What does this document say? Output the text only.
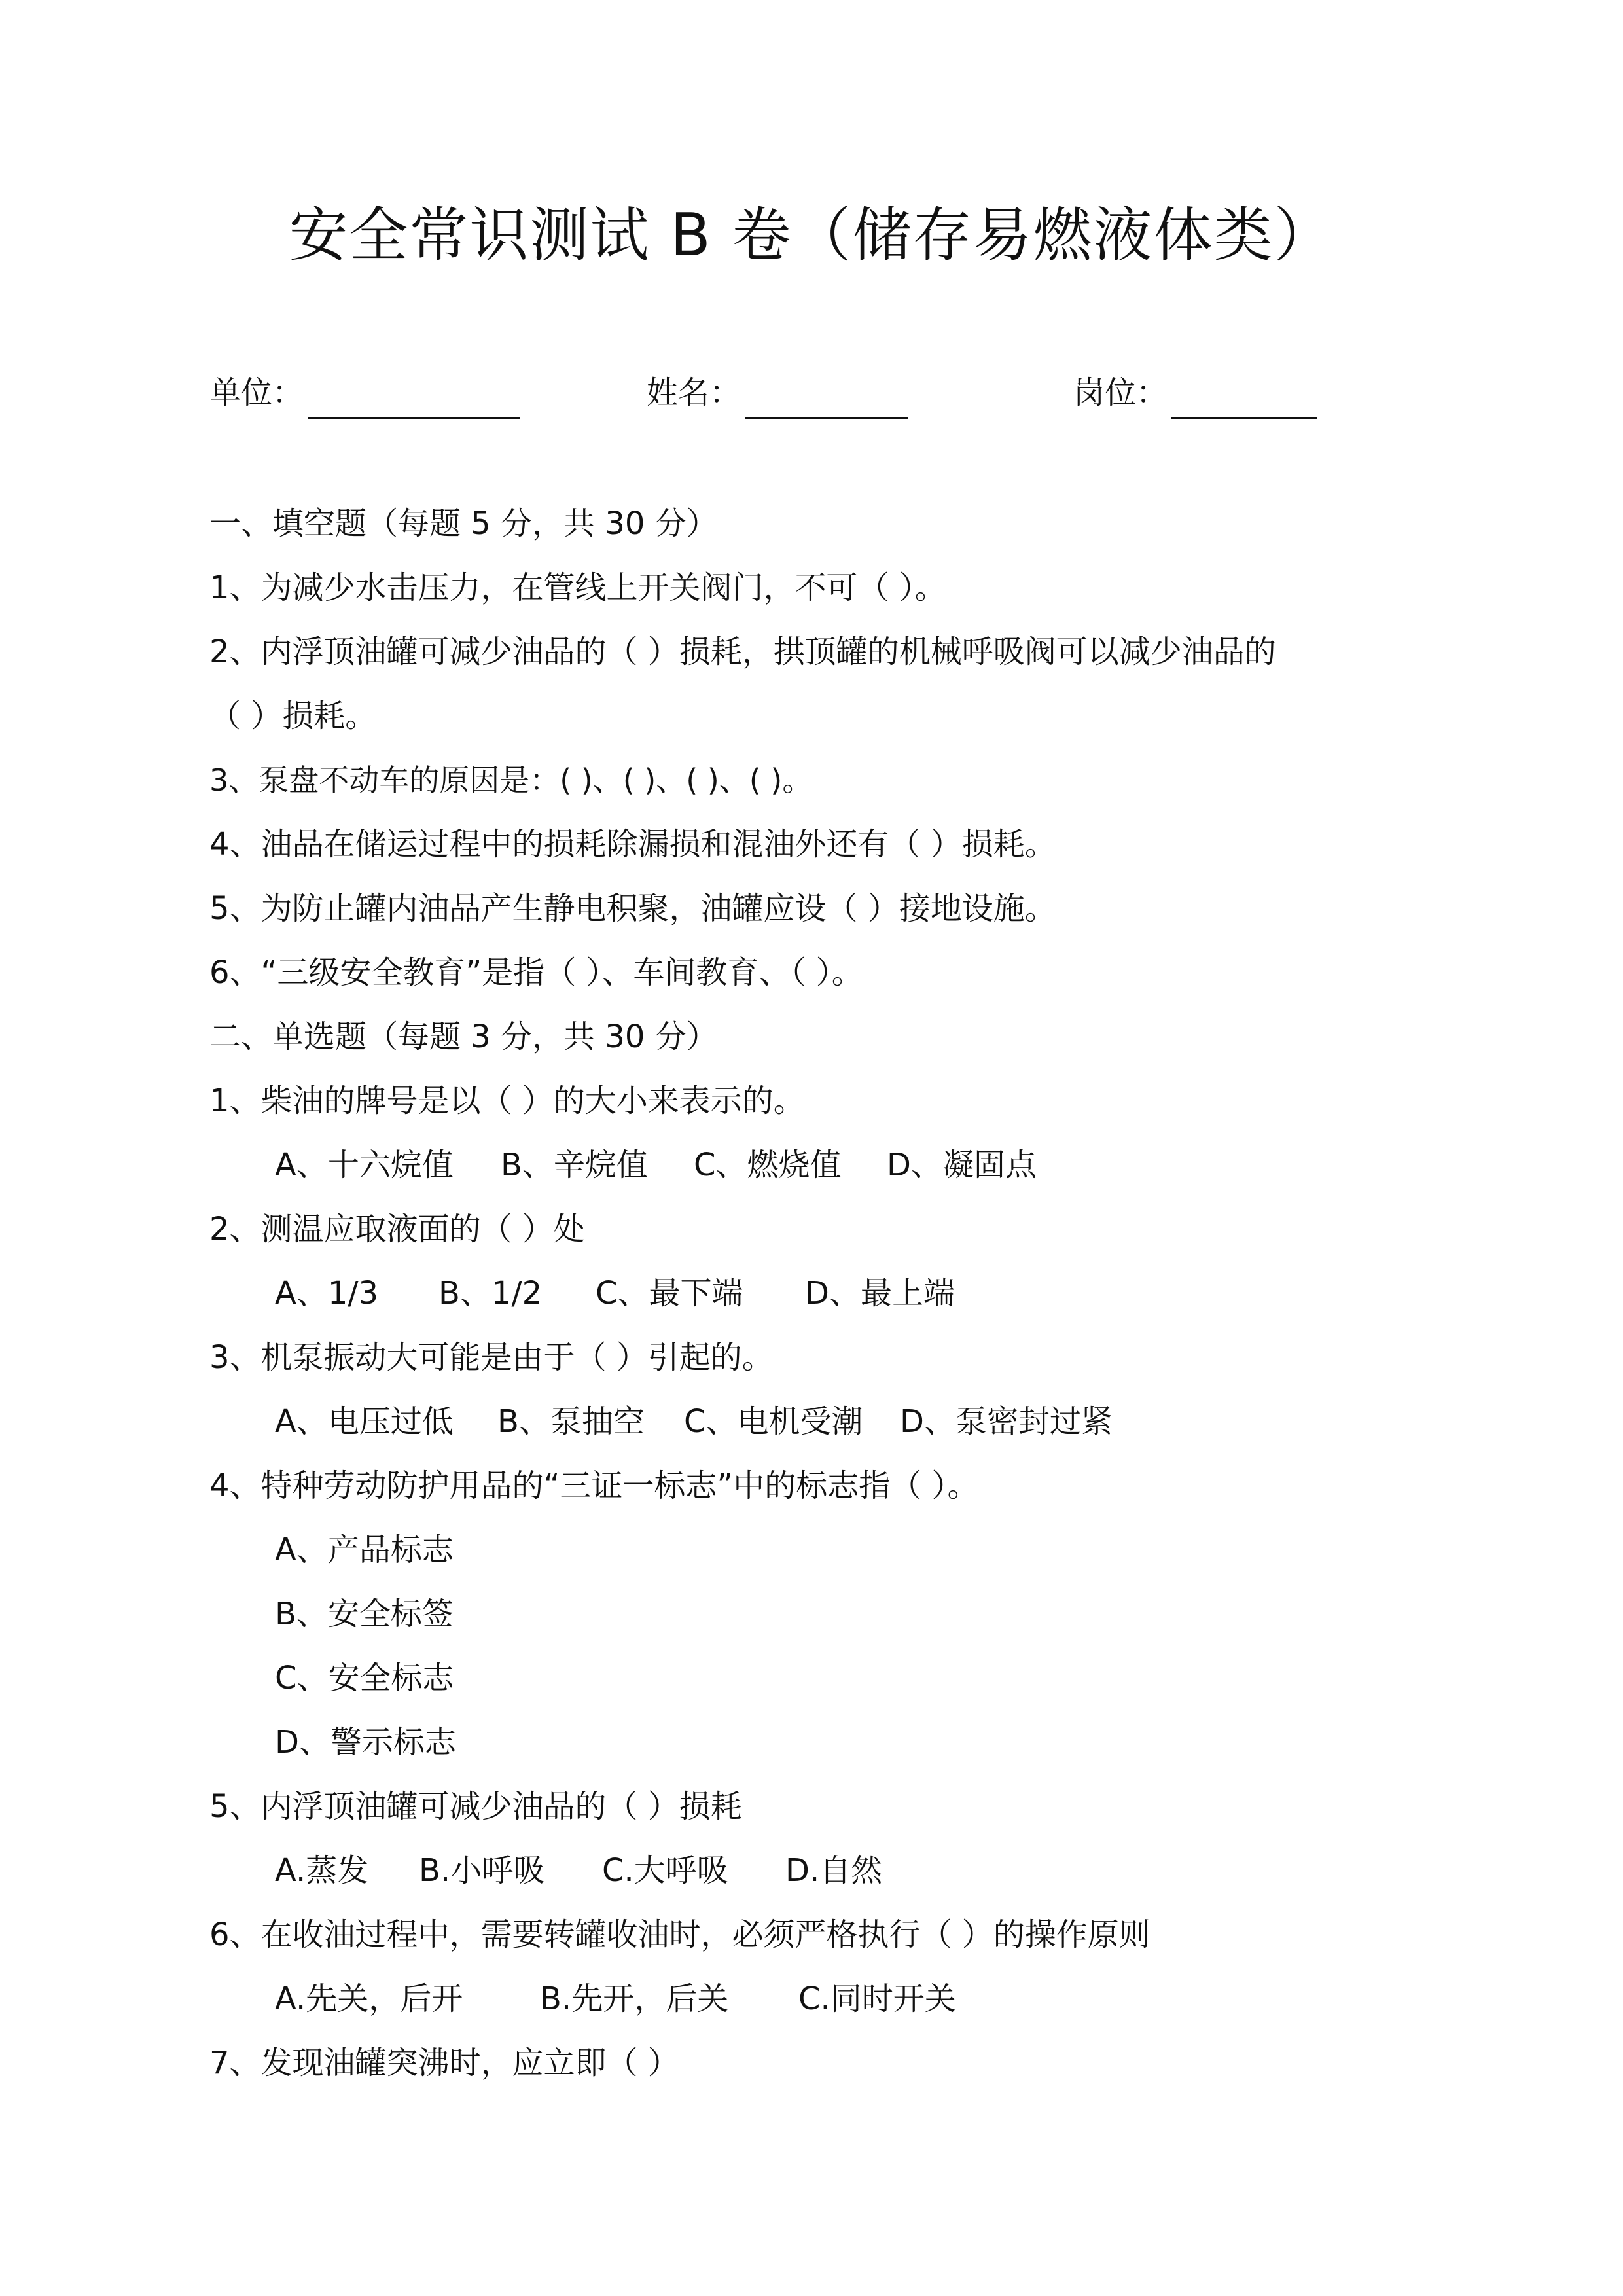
安全常识测试 B 卷（储存易燃液体类）
单位：	姓名：	岗位：
一、填空题（每题 5 分，共 30 分）
1、为减少水击压力，在管线上开关阀门，不可（ ）。
2、内浮顶油罐可减少油品的（ ）损耗，拱顶罐的机械呼吸阀可以减少油品的
（ ）损耗。
3、泵盘不动车的原因是：( )、( )、( )、( )。
4、油品在储运过程中的损耗除漏损和混油外还有（ ）损耗。
5、为防止罐内油品产生静电积聚，油罐应设（ ）接地设施。
6、“三级安全教育”是指（ ）、车间教育、（ ）。
二、单选题（每题 3 分，共 30 分）
1、柴油的牌号是以（ ）的大小来表示的。
A、十六烷值 B、辛烷值 C、燃烧值 D、凝固点
2、测温应取液面的（ ）处
A、1/3 B、1/2 C、最下端 D、最上端
3、机泵振动大可能是由于（ ）引起的。
A、电压过低 B、泵抽空 C、电机受潮 D、泵密封过紧
4、特种劳动防护用品的“三证一标志”中的标志指（ ）。
A、产品标志
B、安全标签
C、安全标志
D、警示标志
5、内浮顶油罐可减少油品的（ ）损耗
A.蒸发 B.小呼吸 C.大呼吸 D.自然
6、在收油过程中，需要转罐收油时，必须严格执行（ ）的操作原则
A.先关，后开 B.先开，后关 C.同时开关
7、发现油罐突沸时，应立即（ ）
